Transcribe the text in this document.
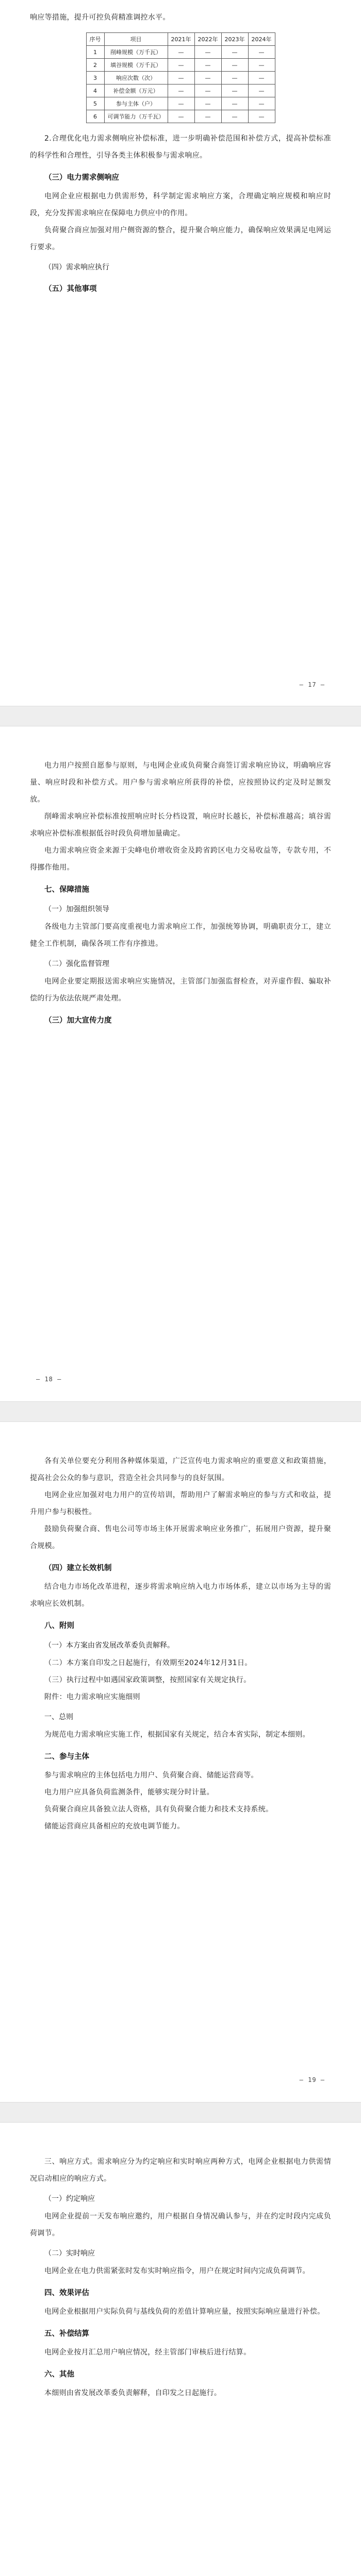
响应等措施，提升可控负荷精准调控水平。

序号	项目	2021年	2022年	2023年	2024年
1	削峰规模（万千瓦）	—	—	—	—
2	填谷规模（万千瓦）	—	—	—	—
3	响应次数（次）	—	—	—	—
4	补偿金额（万元）	—	—	—	—
5	参与主体（户）	—	—	—	—
6	可调节能力（万千瓦）	—	—	—	—

2.合理优化电力需求侧响应补偿标准，进一步明确补偿范围和补偿方式，提高补偿标准的科学性和合理性，引导各类主体积极参与需求响应。

（三）电力需求侧响应

电网企业应根据电力供需形势，科学制定需求响应方案，合理确定响应规模和响应时段，充分发挥需求响应在保障电力供应中的作用。

负荷聚合商应加强对用户侧资源的整合，提升聚合响应能力，确保响应效果满足电网运行要求。

（四）需求响应执行
（五）其他事项
— 17 —

电力用户按照自愿参与原则，与电网企业或负荷聚合商签订需求响应协议，明确响应容量、响应时段和补偿方式。用户参与需求响应所获得的补偿，应按照协议约定及时足额发放。

削峰需求响应补偿标准按照响应时长分档设置，响应时长越长，补偿标准越高；填谷需求响应补偿标准根据低谷时段负荷增加量确定。

电力需求响应资金来源于尖峰电价增收资金及跨省跨区电力交易收益等，专款专用，不得挪作他用。

七、保障措施
（一）加强组织领导

各级电力主管部门要高度重视电力需求响应工作，加强统筹协调，明确职责分工，建立健全工作机制，确保各项工作有序推进。

（二）强化监督管理

电网企业要定期报送需求响应实施情况，主管部门加强监督检查，对弄虚作假、骗取补偿的行为依法依规严肃处理。

（三）加大宣传力度
— 18 —

各有关单位要充分利用各种媒体渠道，广泛宣传电力需求响应的重要意义和政策措施，提高社会公众的参与意识，营造全社会共同参与的良好氛围。

电网企业应加强对电力用户的宣传培训，帮助用户了解需求响应的参与方式和收益，提升用户参与积极性。

鼓励负荷聚合商、售电公司等市场主体开展需求响应业务推广，拓展用户资源，提升聚合规模。

（四）建立长效机制

结合电力市场化改革进程，逐步将需求响应纳入电力市场体系，建立以市场为主导的需求响应长效机制。

八、附则
（一）本方案由省发展改革委负责解释。

（二）本方案自印发之日起施行，有效期至2024年12月31日。

（三）执行过程中如遇国家政策调整，按照国家有关规定执行。

附件：电力需求响应实施细则

一、总则

为规范电力需求响应实施工作，根据国家有关规定，结合本省实际，制定本细则。

二、参与主体

参与需求响应的主体包括电力用户、负荷聚合商、储能运营商等。

电力用户应具备负荷监测条件，能够实现分时计量。

负荷聚合商应具备独立法人资格，具有负荷聚合能力和技术支持系统。

储能运营商应具备相应的充放电调节能力。

— 19 —

三、响应方式。需求响应分为约定响应和实时响应两种方式，电网企业根据电力供需情况启动相应的响应方式。

（一）约定响应

电网企业提前一天发布响应邀约，用户根据自身情况确认参与，并在约定时段内完成负荷调节。

（二）实时响应

电网企业在电力供需紧张时发布实时响应指令，用户在规定时间内完成负荷调节。

四、效果评估

电网企业根据用户实际负荷与基线负荷的差值计算响应量，按照实际响应量进行补偿。

五、补偿结算

电网企业按月汇总用户响应情况，经主管部门审核后进行结算。

六、其他

本细则由省发展改革委负责解释，自印发之日起施行。
